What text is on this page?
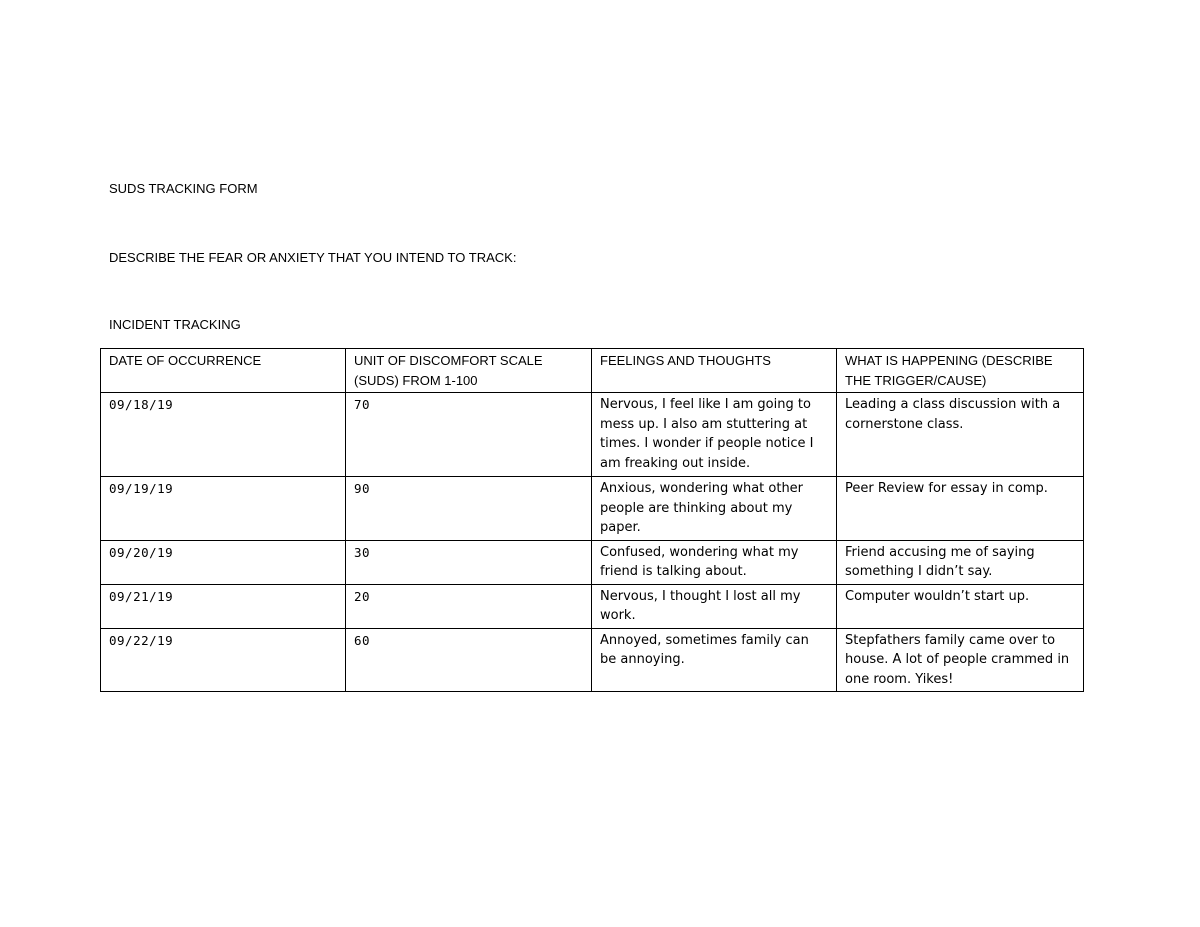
SUDS TRACKING FORM
DESCRIBE THE FEAR OR ANXIETY THAT YOU INTEND TO TRACK:
INCIDENT TRACKING
DATE OF OCCURRENCE	UNIT OF DISCOMFORT SCALE (SUDS) FROM 1-100	FEELINGS AND THOUGHTS	WHAT IS HAPPENING (DESCRIBE THE TRIGGER/CAUSE)
09/18/19	70	Nervous, I feel like I am going to mess up. I also am stuttering at times. I wonder if people notice I am freaking out inside.	Leading a class discussion with a cornerstone class.
09/19/19	90	Anxious, wondering what other people are thinking about my paper.	Peer Review for essay in comp.
09/20/19	30	Confused, wondering what my friend is talking about.	Friend accusing me of saying something I didn’t say.
09/21/19	20	Nervous, I thought I lost all my work.	Computer wouldn’t start up.
09/22/19	60	Annoyed, sometimes family can be annoying.	Stepfathers family came over to house. A lot of people crammed in one room. Yikes!
